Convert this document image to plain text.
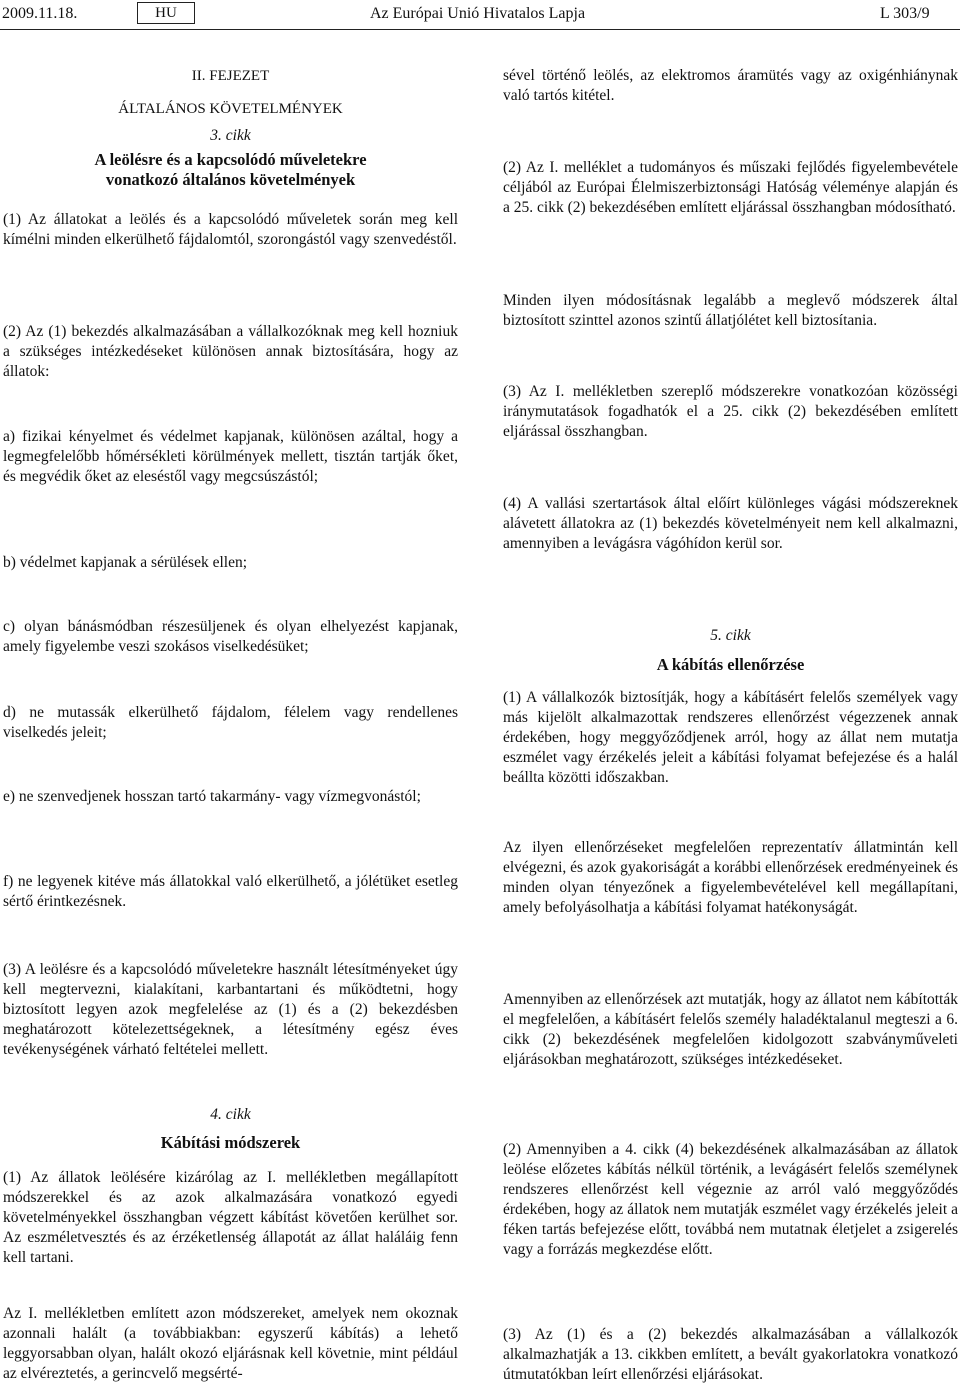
2009.11.18.	HU	Az Európai Unió Hivatalos Lapja	L 303/9

II. FEJEZET

ÁLTALÁNOS KÖVETELMÉNYEK

3. cikk

A leölésre és a kapcsolódó műveletekre vonatkozó általános követelmények

(1) Az állatokat a leölés és a kapcsolódó műveletek során meg kell kímélni minden elkerülhető fájdalomtól, szorongástól vagy szenvedéstől.

(2) Az (1) bekezdés alkalmazásában a vállalkozóknak meg kell hozniuk a szükséges intézkedéseket különösen annak biztosítására, hogy az állatok:

a) fizikai kényelmet és védelmet kapjanak, különösen azáltal, hogy a legmegfelelőbb hőmérsékleti körülmények mellett, tisztán tartják őket, és megvédik őket az eleséstől vagy megcsúszástól;

b) védelmet kapjanak a sérülések ellen;

c) olyan bánásmódban részesüljenek és olyan elhelyezést kapjanak, amely figyelembe veszi szokásos viselkedésüket;

d) ne mutassák elkerülhető fájdalom, félelem vagy rendellenes viselkedés jeleit;

e) ne szenvedjenek hosszan tartó takarmány- vagy vízmegvonástól;

f) ne legyenek kitéve más állatokkal való elkerülhető, a jólétüket esetleg sértő érintkezésnek.

(3) A leölésre és a kapcsolódó műveletekre használt létesítményeket úgy kell megtervezni, kialakítani, karbantartani és működtetni, hogy biztosított legyen azok megfelelése az (1) és a (2) bekezdésben meghatározott kötelezettségeknek, a létesítmény egész éves tevékenységének várható feltételei mellett.

4. cikk

Kábítási módszerek

(1) Az állatok leölésére kizárólag az I. mellékletben megállapított módszerekkel és az azok alkalmazására vonatkozó egyedi követelményekkel összhangban végzett kábítást követően kerülhet sor. Az eszméletvesztés és az érzéketlenség állapotát az állat haláláig fenn kell tartani.

Az I. mellékletben említett azon módszereket, amelyek nem okoznak azonnali halált (a továbbiakban: egyszerű kábítás) a lehető leggyorsabban olyan, halált okozó eljárásnak kell követnie, mint például az elvéreztetés, a gerincvelő megsérté-

sével történő leölés, az elektromos áramütés vagy az oxigénhiánynak való tartós kitétel.

(2) Az I. melléklet a tudományos és műszaki fejlődés figyelembevétele céljából az Európai Élelmiszerbiztonsági Hatóság véleménye alapján és a 25. cikk (2) bekezdésében említett eljárással összhangban módosítható.

Minden ilyen módosításnak legalább a meglevő módszerek által biztosított szinttel azonos szintű állatjólétet kell biztosítania.

(3) Az I. mellékletben szereplő módszerekre vonatkozóan közösségi iránymutatások fogadhatók el a 25. cikk (2) bekezdésében említett eljárással összhangban.

(4) A vallási szertartások által előírt különleges vágási módszereknek alávetett állatokra az (1) bekezdés követelményeit nem kell alkalmazni, amennyiben a levágásra vágóhídon kerül sor.

5. cikk

A kábítás ellenőrzése

(1) A vállalkozók biztosítják, hogy a kábításért felelős személyek vagy más kijelölt alkalmazottak rendszeres ellenőrzést végezzenek annak érdekében, hogy meggyőződjenek arról, hogy az állat nem mutatja eszmélet vagy érzékelés jeleit a kábítási folyamat befejezése és a halál beállta közötti időszakban.

Az ilyen ellenőrzéseket megfelelően reprezentatív állatmintán kell elvégezni, és azok gyakoriságát a korábbi ellenőrzések eredményeinek és minden olyan tényezőnek a figyelembevételével kell megállapítani, amely befolyásolhatja a kábítási folyamat hatékonyságát.

Amennyiben az ellenőrzések azt mutatják, hogy az állatot nem kábították el megfelelően, a kábításért felelős személy haladéktalanul megteszi a 6. cikk (2) bekezdésének megfelelően kidolgozott szabványműveleti eljárásokban meghatározott, szükséges intézkedéseket.

(2) Amennyiben a 4. cikk (4) bekezdésének alkalmazásában az állatok leölése előzetes kábítás nélkül történik, a levágásért felelős személynek rendszeres ellenőrzést kell végeznie az arról való meggyőződés érdekében, hogy az állatok nem mutatják eszmélet vagy érzékelés jeleit a féken tartás befejezése előtt, továbbá nem mutatnak életjelet a zsigerelés vagy a forrázás megkezdése előtt.

(3) Az (1) és a (2) bekezdés alkalmazásában a vállalkozók alkalmazhatják a 13. cikkben említett, a bevált gyakorlatokra vonatkozó útmutatókban leírt ellenőrzési eljárásokat.
